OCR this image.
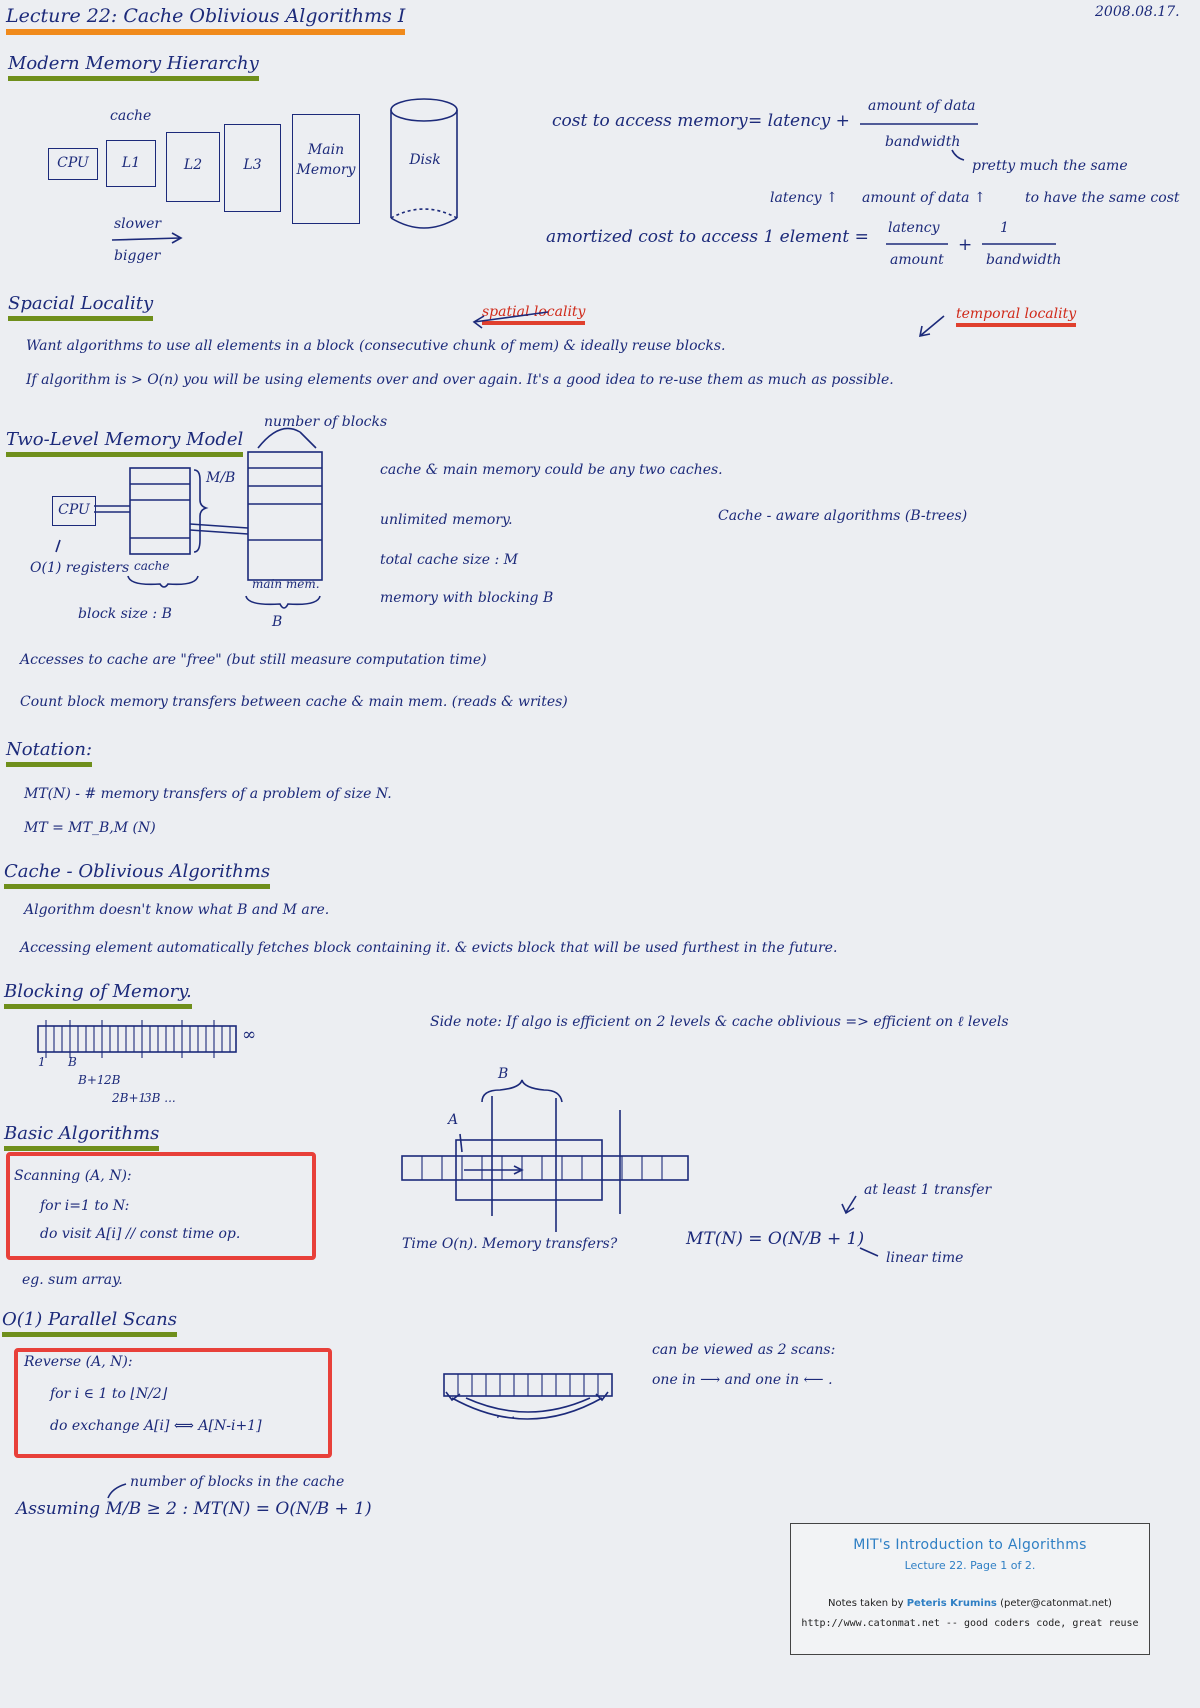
Lecture 22: Cache Oblivious Algorithms I	2008.08.17.
Modern Memory Hierarchy
cache
CPU	L1	L2	L3
Main Memory
Disk
slower
bigger
cost to access memory = latency +
amount of data
bandwidth
pretty much the same
latency ↑ amount of data ↑	to have the same cost
amortized cost to access 1 element = latency
amount
+
1
bandwidth
Spacial Locality	spatial locality	temporal locality
Want algorithms to use all elements in a block (consecutive chunk of mem) & ideally reuse blocks.
If algorithm is > O(n) you will be using elements over and over again. It's a good idea to re-use them as much as possible.
Two-Level Memory Model
number of blocks
M/B
CPU
O(1) registers cache
block size : B
main mem.
B
cache & main memory could be any two caches.
unlimited memory.
total cache size : M
memory with blocking B
Cache - aware algorithms (B-trees)
Accesses to cache are "free" (but still measure computation time)
Count block memory transfers between cache & main mem. (reads & writes)
Notation:
MT(N) - # memory transfers of a problem of size N.
MT = MT_B,M (N)
Cache - Oblivious Algorithms
Algorithm doesn't know what B and M are.
Accessing element automatically fetches block containing it. & evicts block that will be used furthest in the future.
Blocking of Memory.
1 B
B+1 2B
2B+1
3B ...
∞
Side note: If algo is efficient on 2 levels & cache oblivious => efficient on ℓ levels
B
A
Basic Algorithms
Scanning (A, N):
for i=1 to N:
do visit A[i] // const time op.
eg. sum array.
Time O(n). Memory transfers?	MT(N) = O(N/B + 1)
at least 1 transfer
linear time
O(1) Parallel Scans
Reverse (A, N):
for i ∈ 1 to ⌊N/2⌋
do exchange A[i] ⟺ A[N-i+1]
can be viewed as 2 scans:
one in ⟶ and one in ⟵ .
. . .
number of blocks in the cache
Assuming M/B ≥ 2 : MT(N) = O(N/B + 1)
MIT's Introduction to Algorithms
Lecture 22. Page 1 of 2.
Notes taken by Peteris Krumins (peter@catonmat.net)
http://www.catonmat.net -- good coders code, great reuse
